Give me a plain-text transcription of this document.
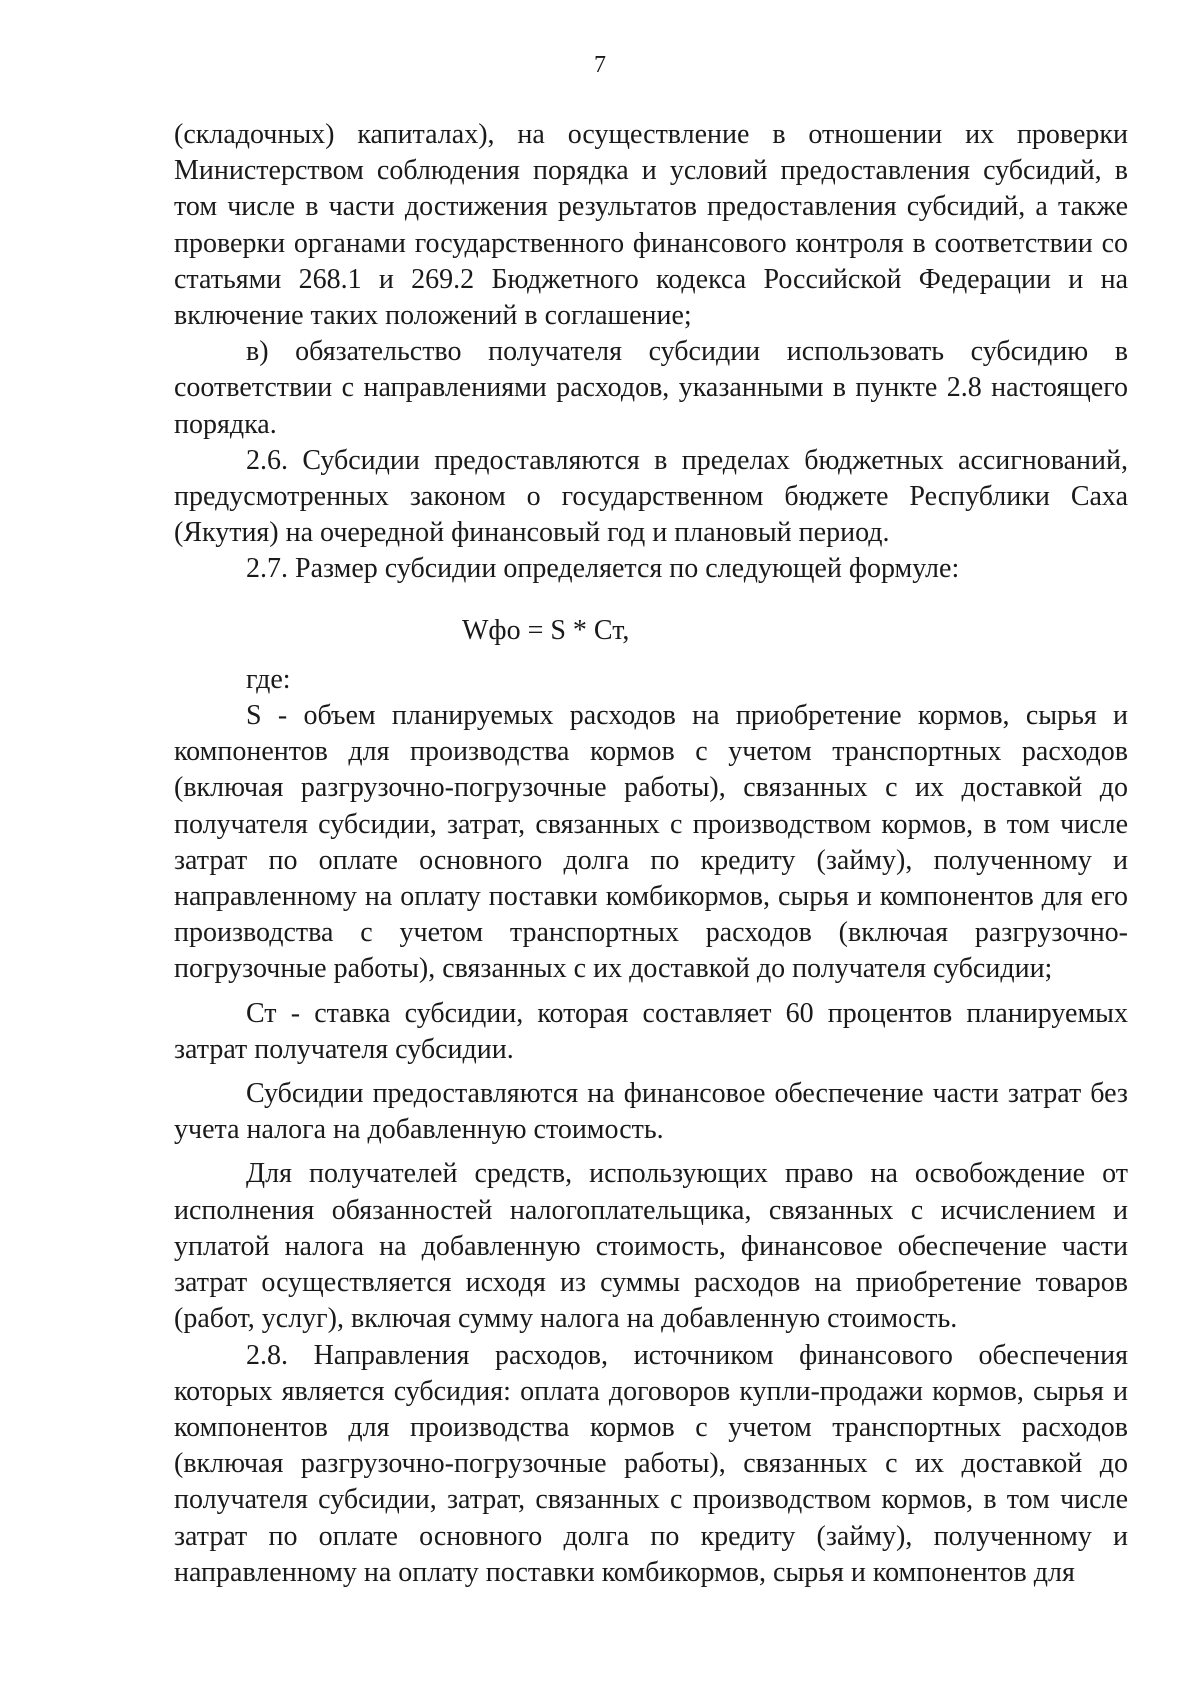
7

(складочных) капиталах), на осуществление в отношении их проверки Министерством соблюдения порядка и условий предоставления субсидий, в том числе в части достижения результатов предоставления субсидий, а также проверки органами государственного финансового контроля в соответствии со статьями 268.1 и 269.2 Бюджетного кодекса Российской Федерации и на включение таких положений в соглашение;

в) обязательство получателя субсидии использовать субсидию в соответствии с направлениями расходов, указанными в пункте 2.8 настоящего порядка.

2.6. Субсидии предоставляются в пределах бюджетных ассигнований, предусмотренных законом о государственном бюджете Республики Саха (Якутия) на очередной финансовый год и плановый период.

2.7. Размер субсидии определяется по следующей формуле:

Wфо = S * Ст,

где:

S - объем планируемых расходов на приобретение кормов, сырья и компонентов для производства кормов с учетом транспортных расходов (включая разгрузочно-погрузочные работы), связанных с их доставкой до получателя субсидии, затрат, связанных с производством кормов, в том числе затрат по оплате основного долга по кредиту (займу), полученному и направленному на оплату поставки комбикормов, сырья и компонентов для его производства с учетом транспортных расходов (включая разгрузочно-погрузочные работы), связанных с их доставкой до получателя субсидии;

Ст - ставка субсидии, которая составляет 60 процентов планируемых затрат получателя субсидии.

Субсидии предоставляются на финансовое обеспечение части затрат без учета налога на добавленную стоимость.

Для получателей средств, использующих право на освобождение от исполнения обязанностей налогоплательщика, связанных с исчислением и уплатой налога на добавленную стоимость, финансовое обеспечение части затрат осуществляется исходя из суммы расходов на приобретение товаров (работ, услуг), включая сумму налога на добавленную стоимость.

2.8. Направления расходов, источником финансового обеспечения которых является субсидия: оплата договоров купли-продажи кормов, сырья и компонентов для производства кормов с учетом транспортных расходов (включая разгрузочно-погрузочные работы), связанных с их доставкой до получателя субсидии, затрат, связанных с производством кормов, в том числе затрат по оплате основного долга по кредиту (займу), полученному и направленному на оплату поставки комбикормов, сырья и компонентов для
